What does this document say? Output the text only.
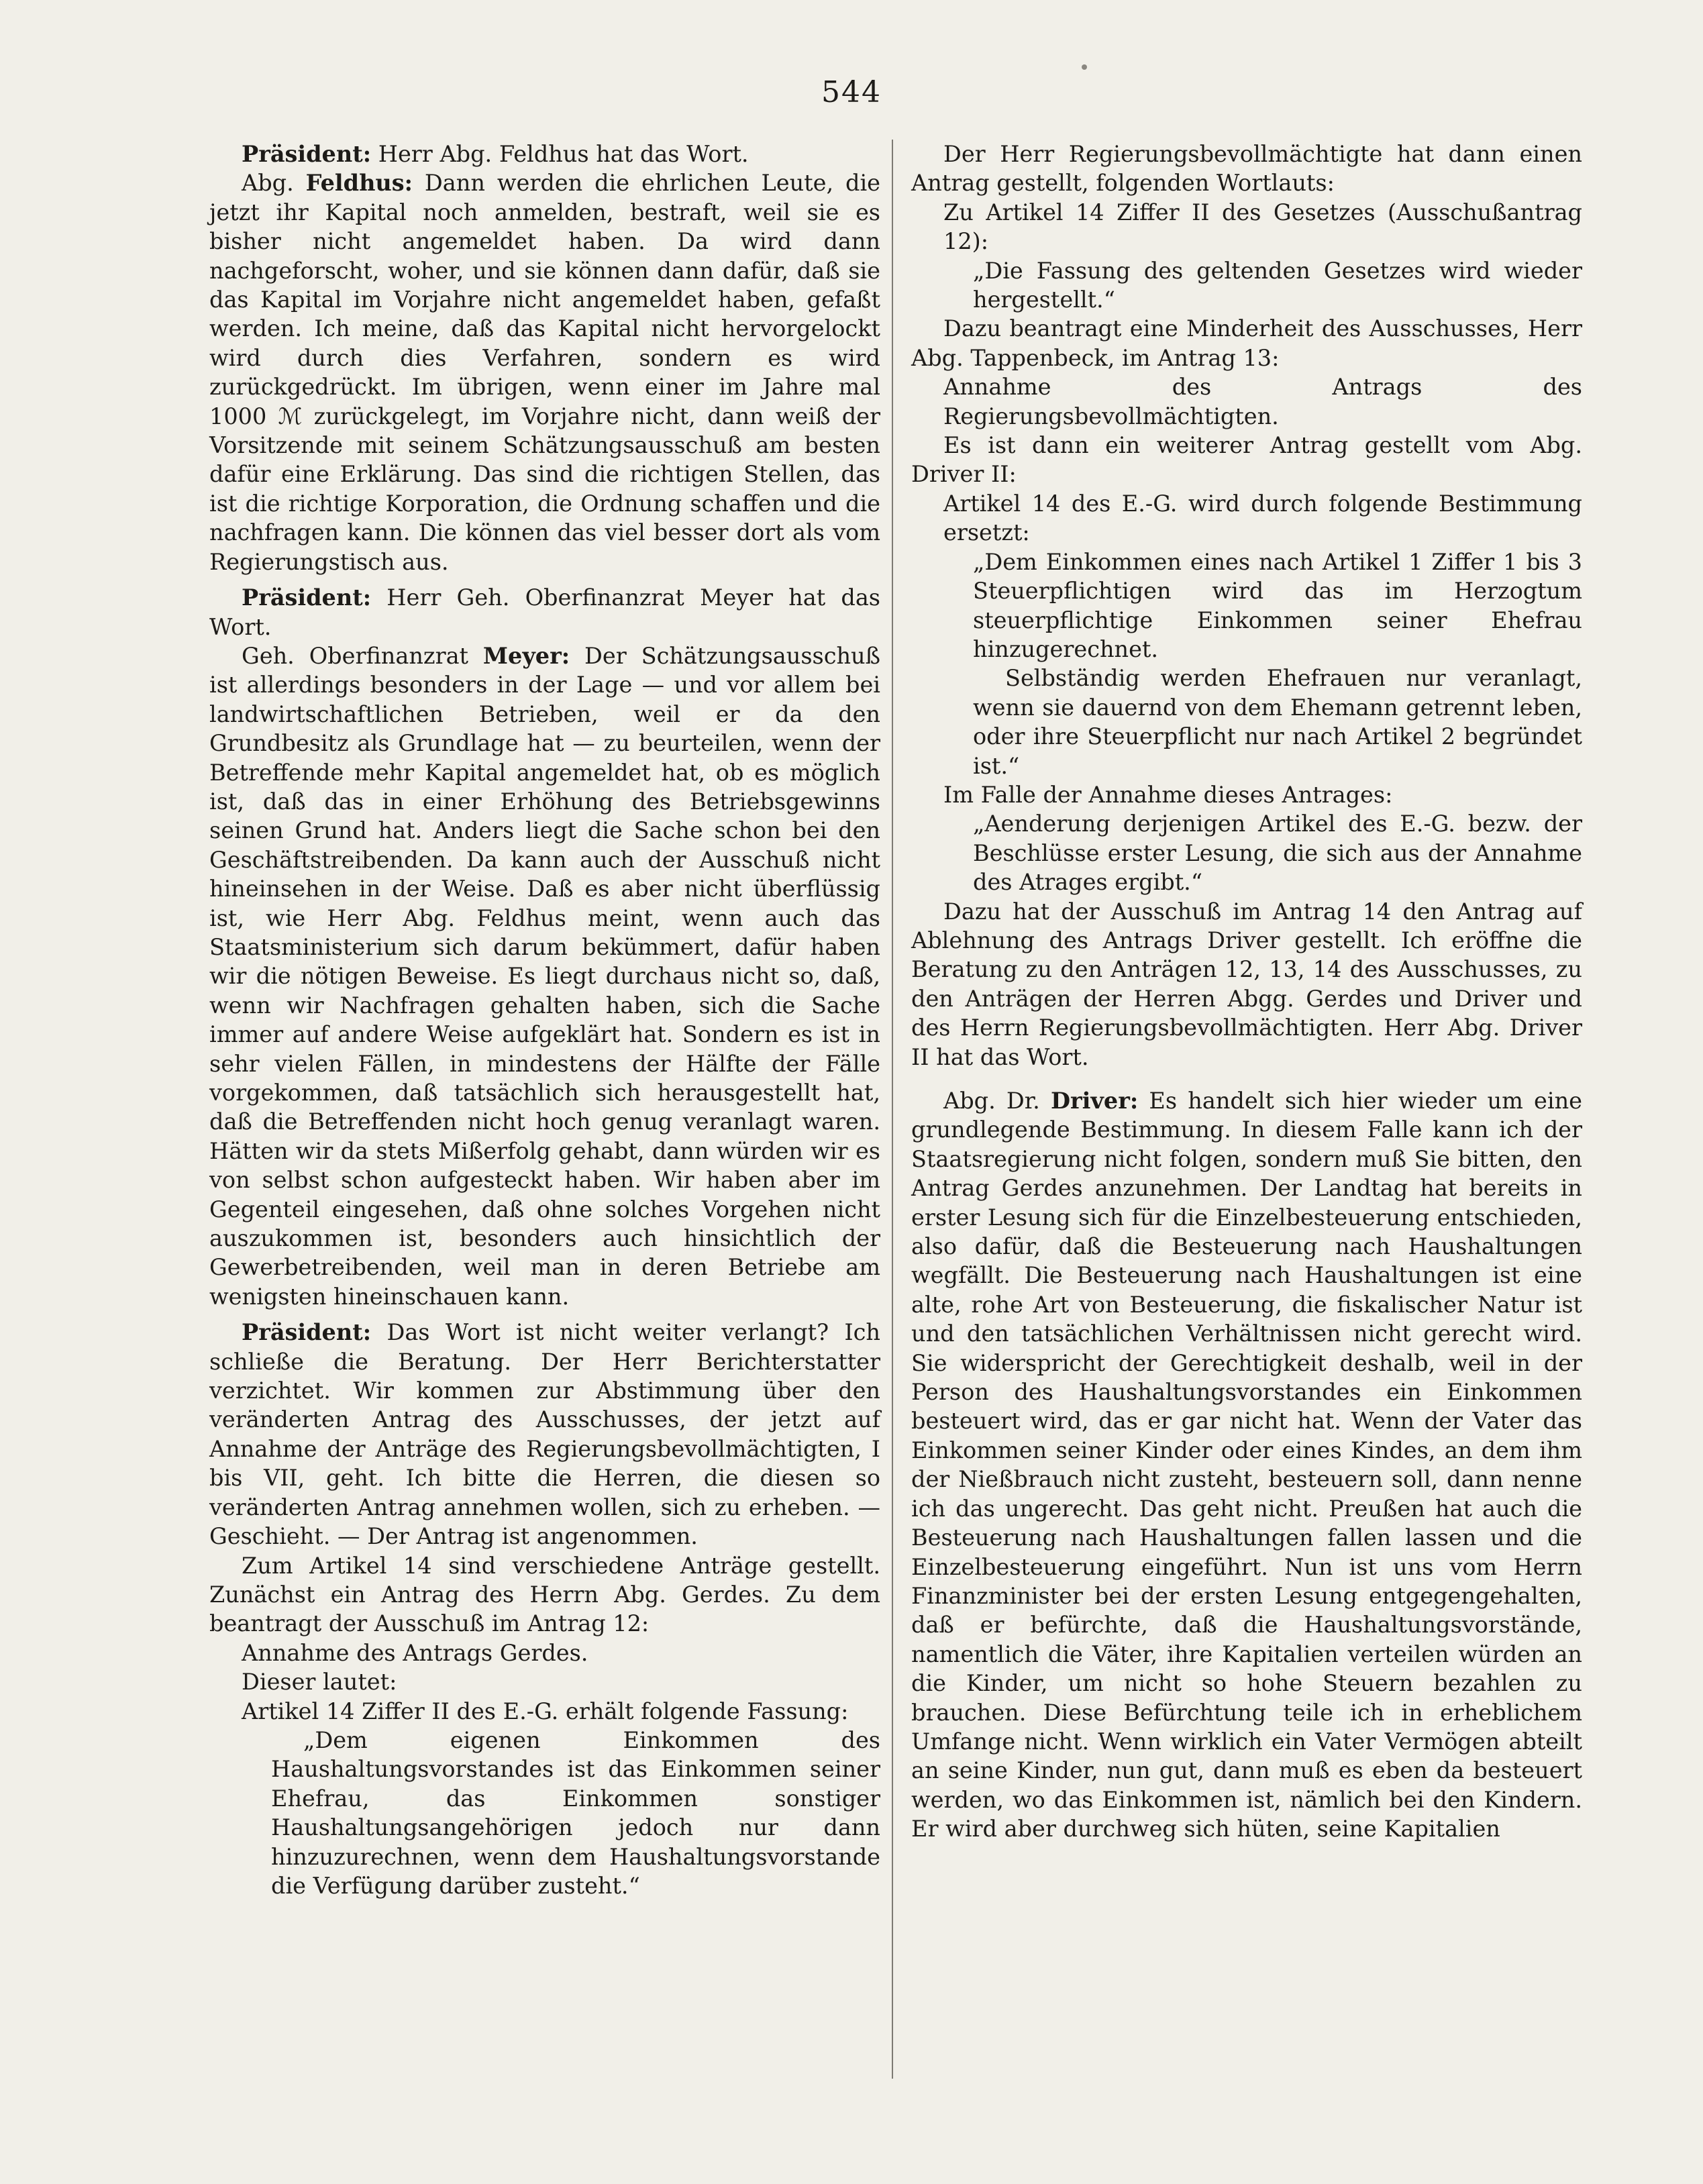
544

Präsident: Herr Abg. Feldhus hat das Wort.

Abg. Feldhus: Dann werden die ehrlichen Leute, die jetzt ihr Kapital noch anmelden, bestraft, weil sie es bisher nicht angemeldet haben. Da wird dann nachgeforscht, woher, und sie können dann dafür, daß sie das Kapital im Vorjahre nicht angemeldet haben, gefaßt werden. Ich meine, daß das Kapital nicht hervorgelockt wird durch dies Verfahren, sondern es wird zurückgedrückt. Im übrigen, wenn einer im Jahre mal 1000 ℳ zurückgelegt, im Vorjahre nicht, dann weiß der Vorsitzende mit seinem Schätzungsausschuß am besten dafür eine Erklärung. Das sind die richtigen Stellen, das ist die richtige Korporation, die Ordnung schaffen und die nachfragen kann. Die können das viel besser dort als vom Regierungstisch aus.

Präsident: Herr Geh. Oberfinanzrat Meyer hat das Wort.

Geh. Oberfinanzrat Meyer: Der Schätzungsausschuß ist allerdings besonders in der Lage — und vor allem bei landwirtschaftlichen Betrieben, weil er da den Grundbesitz als Grundlage hat — zu beurteilen, wenn der Betreffende mehr Kapital angemeldet hat, ob es möglich ist, daß das in einer Erhöhung des Betriebsgewinns seinen Grund hat. Anders liegt die Sache schon bei den Geschäftstreibenden. Da kann auch der Ausschuß nicht hineinsehen in der Weise. Daß es aber nicht überflüssig ist, wie Herr Abg. Feldhus meint, wenn auch das Staatsministerium sich darum bekümmert, dafür haben wir die nötigen Beweise. Es liegt durchaus nicht so, daß, wenn wir Nachfragen gehalten haben, sich die Sache immer auf andere Weise aufgeklärt hat. Sondern es ist in sehr vielen Fällen, in mindestens der Hälfte der Fälle vorgekommen, daß tatsächlich sich herausgestellt hat, daß die Betreffenden nicht hoch genug veranlagt waren. Hätten wir da stets Mißerfolg gehabt, dann würden wir es von selbst schon aufgesteckt haben. Wir haben aber im Gegenteil eingesehen, daß ohne solches Vorgehen nicht auszukommen ist, besonders auch hinsichtlich der Gewerbetreibenden, weil man in deren Betriebe am wenigsten hineinschauen kann.

Präsident: Das Wort ist nicht weiter verlangt? Ich schließe die Beratung. Der Herr Berichterstatter verzichtet. Wir kommen zur Abstimmung über den veränderten Antrag des Ausschusses, der jetzt auf Annahme der Anträge des Regierungsbevollmächtigten, I bis VII, geht. Ich bitte die Herren, die diesen so veränderten Antrag annehmen wollen, sich zu erheben. — Geschieht. — Der Antrag ist angenommen.

Zum Artikel 14 sind verschiedene Anträge gestellt. Zunächst ein Antrag des Herrn Abg. Gerdes. Zu dem beantragt der Ausschuß im Antrag 12:

Annahme des Antrags Gerdes.

Dieser lautet:

Artikel 14 Ziffer II des E.-G. erhält folgende Fassung:

„Dem eigenen Einkommen des Haushaltungsvorstandes ist das Einkommen seiner Ehefrau, das Einkommen sonstiger Haushaltungsangehörigen jedoch nur dann hinzuzurechnen, wenn dem Haushaltungsvorstande die Verfügung darüber zusteht.“

Der Herr Regierungsbevollmächtigte hat dann einen Antrag gestellt, folgenden Wortlauts:

Zu Artikel 14 Ziffer II des Gesetzes (Ausschußantrag 12):

„Die Fassung des geltenden Gesetzes wird wieder hergestellt.“

Dazu beantragt eine Minderheit des Ausschusses, Herr Abg. Tappenbeck, im Antrag 13:

Annahme des Antrags des Regierungsbevollmächtigten.

Es ist dann ein weiterer Antrag gestellt vom Abg. Driver II:

Artikel 14 des E.-G. wird durch folgende Bestimmung ersetzt:

„Dem Einkommen eines nach Artikel 1 Ziffer 1 bis 3 Steuerpflichtigen wird das im Herzogtum steuerpflichtige Einkommen seiner Ehefrau hinzugerechnet.

Selbständig werden Ehefrauen nur veranlagt, wenn sie dauernd von dem Ehemann getrennt leben, oder ihre Steuerpflicht nur nach Artikel 2 begründet ist.“

Im Falle der Annahme dieses Antrages:

„Aenderung derjenigen Artikel des E.-G. bezw. der Beschlüsse erster Lesung, die sich aus der Annahme des Atrages ergibt.“

Dazu hat der Ausschuß im Antrag 14 den Antrag auf Ablehnung des Antrags Driver gestellt. Ich eröffne die Beratung zu den Anträgen 12, 13, 14 des Ausschusses, zu den Anträgen der Herren Abgg. Gerdes und Driver und des Herrn Regierungsbevollmächtigten. Herr Abg. Driver II hat das Wort.

Abg. Dr. Driver: Es handelt sich hier wieder um eine grundlegende Bestimmung. In diesem Falle kann ich der Staatsregierung nicht folgen, sondern muß Sie bitten, den Antrag Gerdes anzunehmen. Der Landtag hat bereits in erster Lesung sich für die Einzelbesteuerung entschieden, also dafür, daß die Besteuerung nach Haushaltungen wegfällt. Die Besteuerung nach Haushaltungen ist eine alte, rohe Art von Besteuerung, die fiskalischer Natur ist und den tatsächlichen Verhältnissen nicht gerecht wird. Sie widerspricht der Gerechtigkeit deshalb, weil in der Person des Haushaltungsvorstandes ein Einkommen besteuert wird, das er gar nicht hat. Wenn der Vater das Einkommen seiner Kinder oder eines Kindes, an dem ihm der Nießbrauch nicht zusteht, besteuern soll, dann nenne ich das ungerecht. Das geht nicht. Preußen hat auch die Besteuerung nach Haushaltungen fallen lassen und die Einzelbesteuerung eingeführt. Nun ist uns vom Herrn Finanzminister bei der ersten Lesung entgegengehalten, daß er befürchte, daß die Haushaltungsvorstände, namentlich die Väter, ihre Kapitalien verteilen würden an die Kinder, um nicht so hohe Steuern bezahlen zu brauchen. Diese Befürchtung teile ich in erheblichem Umfange nicht. Wenn wirklich ein Vater Vermögen abteilt an seine Kinder, nun gut, dann muß es eben da besteuert werden, wo das Einkommen ist, nämlich bei den Kindern. Er wird aber durchweg sich hüten, seine Kapitalien
